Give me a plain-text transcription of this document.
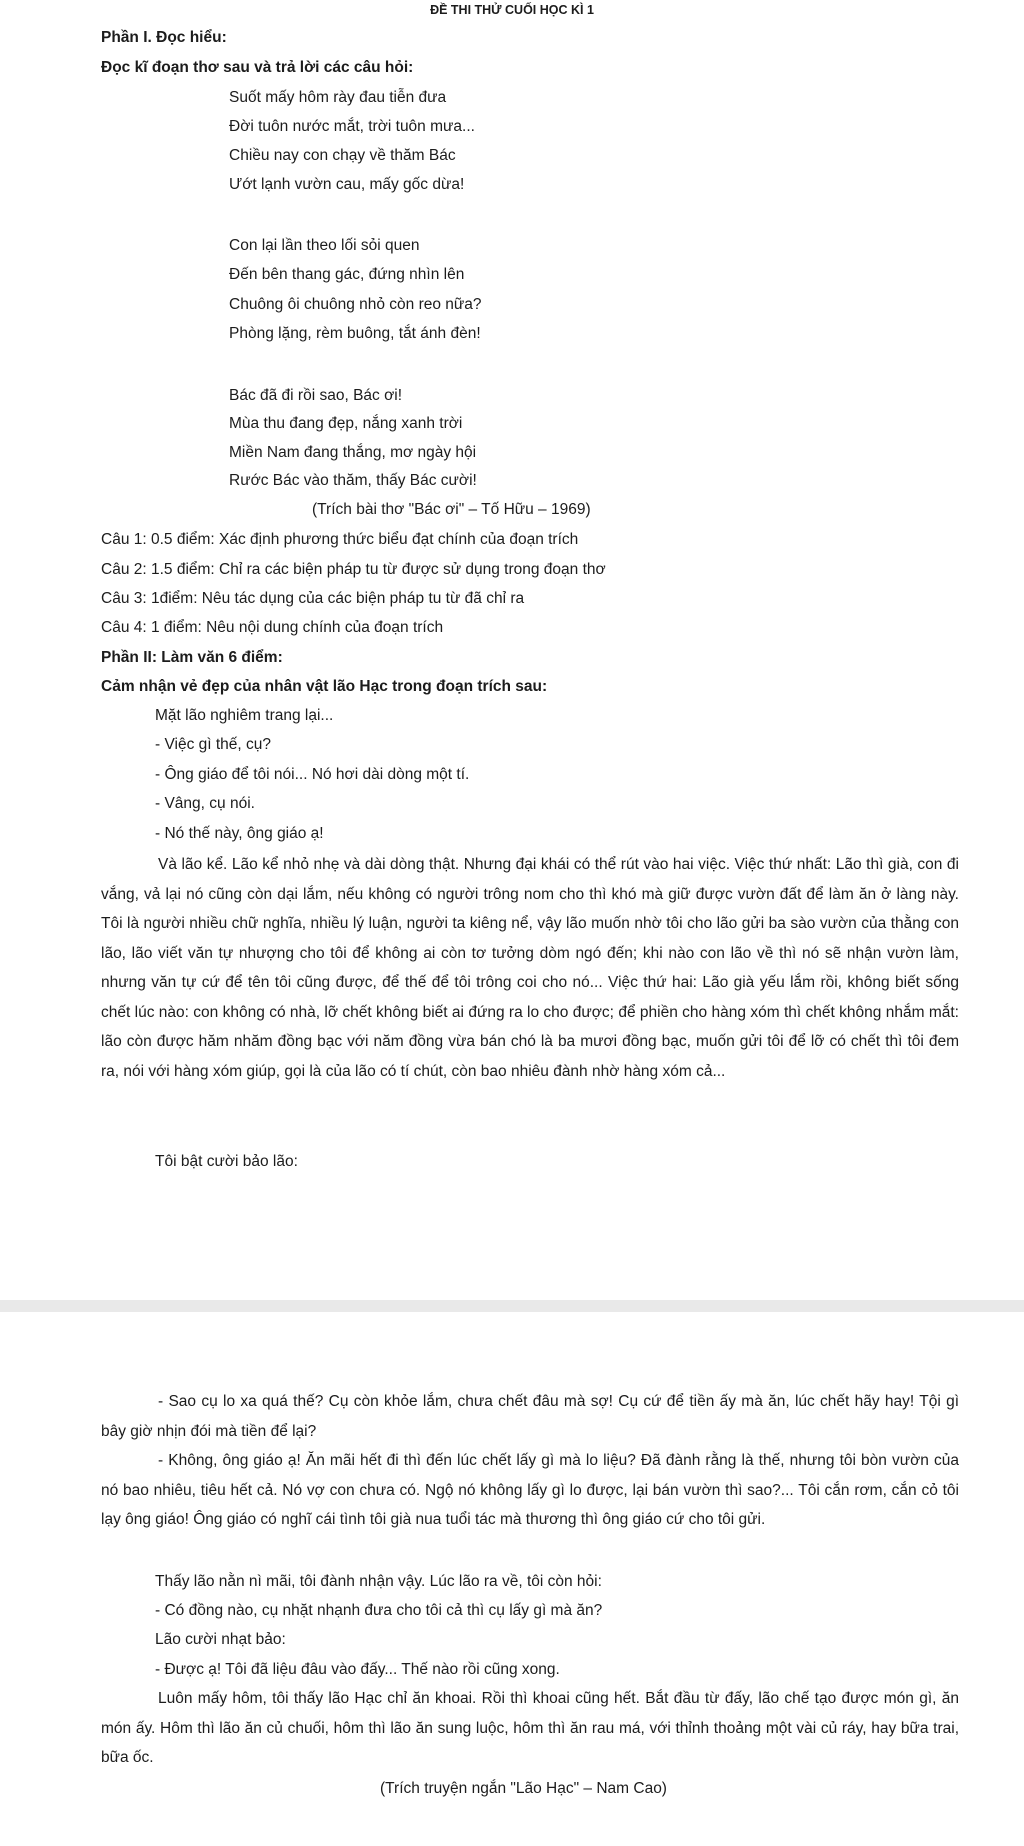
ĐỀ THI THỬ CUỐI HỌC KÌ 1
Phần I. Đọc hiểu:
Đọc kĩ đoạn thơ sau và trả lời các câu hỏi:
Suốt mấy hôm rày đau tiễn đưa
Đời tuôn nước mắt, trời tuôn mưa...
Chiều nay con chạy về thăm Bác
Ướt lạnh vườn cau, mấy gốc dừa!
Con lại lần theo lối sỏi quen
Đến bên thang gác, đứng nhìn lên
Chuông ôi chuông nhỏ còn reo nữa?
Phòng lặng, rèm buông, tắt ánh đèn!
Bác đã đi rồi sao, Bác ơi!
Mùa thu đang đẹp, nắng xanh trời
Miền Nam đang thắng, mơ ngày hội
Rước Bác vào thăm, thấy Bác cười!
(Trích bài thơ "Bác ơi" – Tố Hữu – 1969)
Câu 1: 0.5 điểm: Xác định phương thức biểu đạt chính của đoạn trích
Câu 2: 1.5 điểm: Chỉ ra các biện pháp tu từ được sử dụng trong đoạn thơ
Câu 3: 1điểm: Nêu tác dụng của các biện pháp tu từ đã chỉ ra
Câu 4: 1 điểm: Nêu nội dung chính của đoạn trích
Phần II: Làm văn 6 điểm:
Cảm nhận vẻ đẹp của nhân vật lão Hạc trong đoạn trích sau:
Mặt lão nghiêm trang lại...
- Việc gì thế, cụ?
- Ông giáo để tôi nói... Nó hơi dài dòng một tí.
- Vâng, cụ nói.
- Nó thế này, ông giáo ạ!

Và lão kể. Lão kể nhỏ nhẹ và dài dòng thật. Nhưng đại khái có thể rút vào hai việc. Việc thứ nhất: Lão thì già, con đi vắng, vả lại nó cũng còn dại lắm, nếu không có người trông nom cho thì khó mà giữ được vườn đất để làm ăn ở làng này. Tôi là người nhiều chữ nghĩa, nhiều lý luận, người ta kiêng nể, vậy lão muốn nhờ tôi cho lão gửi ba sào vườn của thằng con lão, lão viết văn tự nhượng cho tôi để không ai còn tơ tưởng dòm ngó đến; khi nào con lão về thì nó sẽ nhận vườn làm, nhưng văn tự cứ để tên tôi cũng được, để thế để tôi trông coi cho nó... Việc thứ hai: Lão già yếu lắm rồi, không biết sống chết lúc nào: con không có nhà, lỡ chết không biết ai đứng ra lo cho được; để phiền cho hàng xóm thì chết không nhắm mắt: lão còn được hăm nhăm đồng bạc với năm đồng vừa bán chó là ba mươi đồng bạc, muốn gửi tôi để lỡ có chết thì tôi đem ra, nói với hàng xóm giúp, gọi là của lão có tí chút, còn bao nhiêu đành nhờ hàng xóm cả...

Tôi bật cười bảo lão:

- Sao cụ lo xa quá thế? Cụ còn khỏe lắm, chưa chết đâu mà sợ! Cụ cứ để tiền ấy mà ăn, lúc chết hãy hay! Tội gì bây giờ nhịn đói mà tiền để lại?

- Không, ông giáo ạ! Ăn mãi hết đi thì đến lúc chết lấy gì mà lo liệu? Đã đành rằng là thế, nhưng tôi bòn vườn của nó bao nhiêu, tiêu hết cả. Nó vợ con chưa có. Ngộ nó không lấy gì lo được, lại bán vườn thì sao?... Tôi cắn rơm, cắn cỏ tôi lạy ông giáo! Ông giáo có nghĩ cái tình tôi già nua tuổi tác mà thương thì ông giáo cứ cho tôi gửi.

Thấy lão nằn nì mãi, tôi đành nhận vậy. Lúc lão ra về, tôi còn hỏi:
- Có đồng nào, cụ nhặt nhạnh đưa cho tôi cả thì cụ lấy gì mà ăn?
Lão cười nhạt bảo:
- Được ạ! Tôi đã liệu đâu vào đấy... Thế nào rồi cũng xong.

Luôn mấy hôm, tôi thấy lão Hạc chỉ ăn khoai. Rồi thì khoai cũng hết. Bắt đầu từ đấy, lão chế tạo được món gì, ăn món ấy. Hôm thì lão ăn củ chuối, hôm thì lão ăn sung luộc, hôm thì ăn rau má, với thỉnh thoảng một vài củ ráy, hay bữa trai, bữa ốc.

(Trích truyện ngắn "Lão Hạc" – Nam Cao)
